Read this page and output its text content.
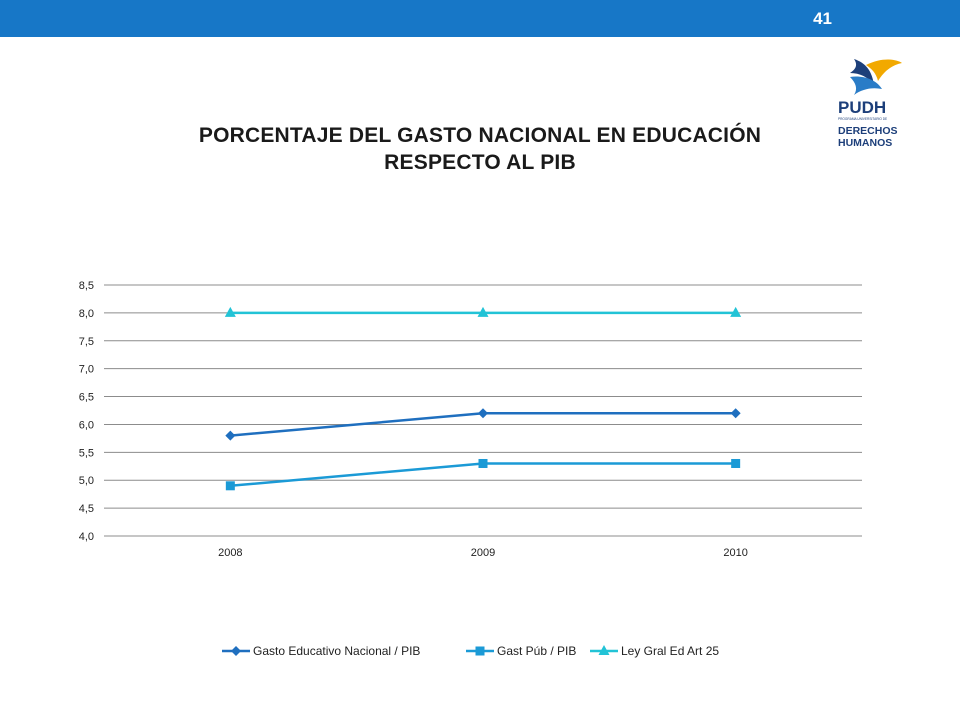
41
PUDH
PROGRAMA UNIVERSITARIO DE
DERECHOS
HUMANOS
PORCENTAJE DEL GASTO NACIONAL EN EDUCACIÓN
RESPECTO AL PIB
4,0
4,5
5,0
5,5
6,0
6,5
7,0
7,5
8,0
8,5
2008	2009	2010
Gasto Educativo Nacional / PIB	Gast Púb / PIB	Ley Gral Ed Art 25
